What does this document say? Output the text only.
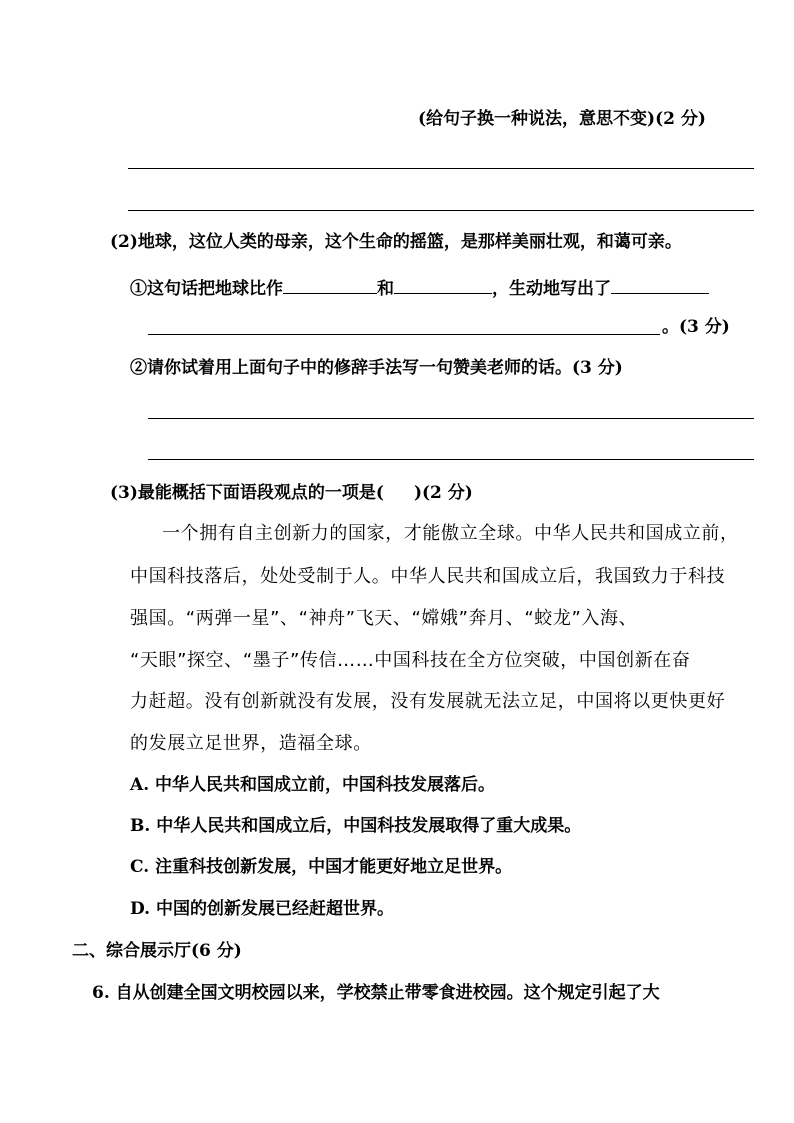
(给句子换一种说法，意思不变)(2 分)
(2)地球，这位人类的母亲，这个生命的摇篮，是那样美丽壮观，和蔼可亲。
①这句话把地球比作	和	，生动地写出了
。(3 分)
②请你试着用上面句子中的修辞手法写一句赞美老师的话。(3 分)
(3)最能概括下面语段观点的一项是( )(2 分)
一个拥有自主创新力的国家，才能傲立全球。中华人民共和国成立前，
中国科技落后，处处受制于人。中华人民共和国成立后，我国致力于科技
强国。“两弹一星”、“神舟”飞天、“嫦娥”奔月、“蛟龙”入海、
“天眼”探空、“墨子”传信……中国科技在全方位突破，中国创新在奋
力赶超。没有创新就没有发展，没有发展就无法立足，中国将以更快更好
的发展立足世界，造福全球。
A. 中华人民共和国成立前，中国科技发展落后。
B. 中华人民共和国成立后，中国科技发展取得了重大成果。
C. 注重科技创新发展，中国才能更好地立足世界。
D. 中国的创新发展已经赶超世界。
二、综合展示厅(6 分)
6. 自从创建全国文明校园以来，学校禁止带零食进校园。这个规定引起了大
